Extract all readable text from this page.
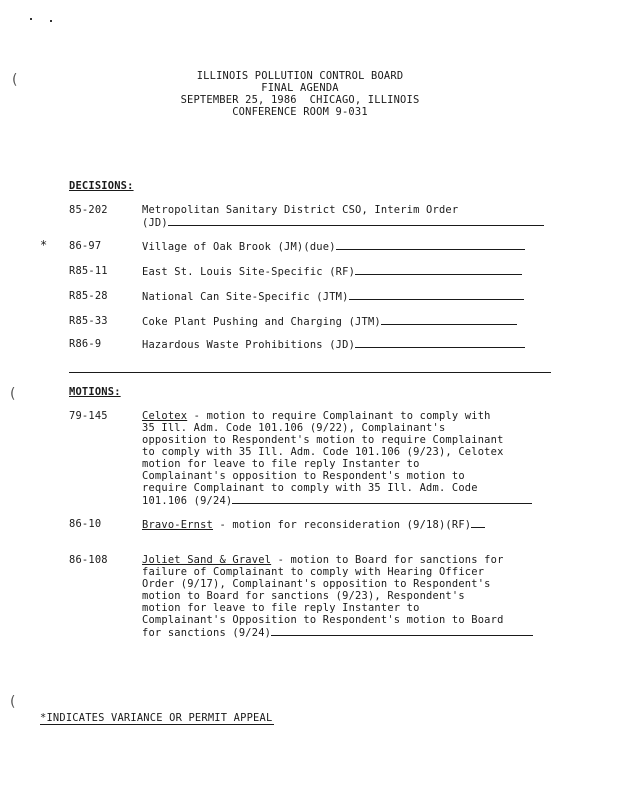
(
(
(
ILLINOIS POLLUTION CONTROL BOARD
FINAL AGENDA
SEPTEMBER 25, 1986  CHICAGO, ILLINOIS
CONFERENCE ROOM 9-031
DECISIONS:
85-202	Metropolitan Sanitary District CSO, Interim Order
(JD)
* 86-97	Village of Oak Brook (JM)(due)
R85-11	East St. Louis Site-Specific (RF)
R85-28	National Can Site-Specific (JTM)
R85-33	Coke Plant Pushing and Charging (JTM)
R86-9	Hazardous Waste Prohibitions (JD)
MOTIONS:
79-145	Celotex - motion to require Complainant to comply with
35 Ill. Adm. Code 101.106 (9/22), Complainant's
opposition to Respondent's motion to require Complainant
to comply with 35 Ill. Adm. Code 101.106 (9/23), Celotex
motion for leave to file reply Instanter to
Complainant's opposition to Respondent's motion to
require Complainant to comply with 35 Ill. Adm. Code
101.106 (9/24)
86-10	Bravo-Ernst - motion for reconsideration (9/18)(RF)
86-108	Joliet Sand & Gravel - motion to Board for sanctions for
failure of Complainant to comply with Hearing Officer
Order (9/17), Complainant's opposition to Respondent's
motion to Board for sanctions (9/23), Respondent's
motion for leave to file reply Instanter to
Complainant's Opposition to Respondent's motion to Board
for sanctions (9/24)
*INDICATES VARIANCE OR PERMIT APPEAL
